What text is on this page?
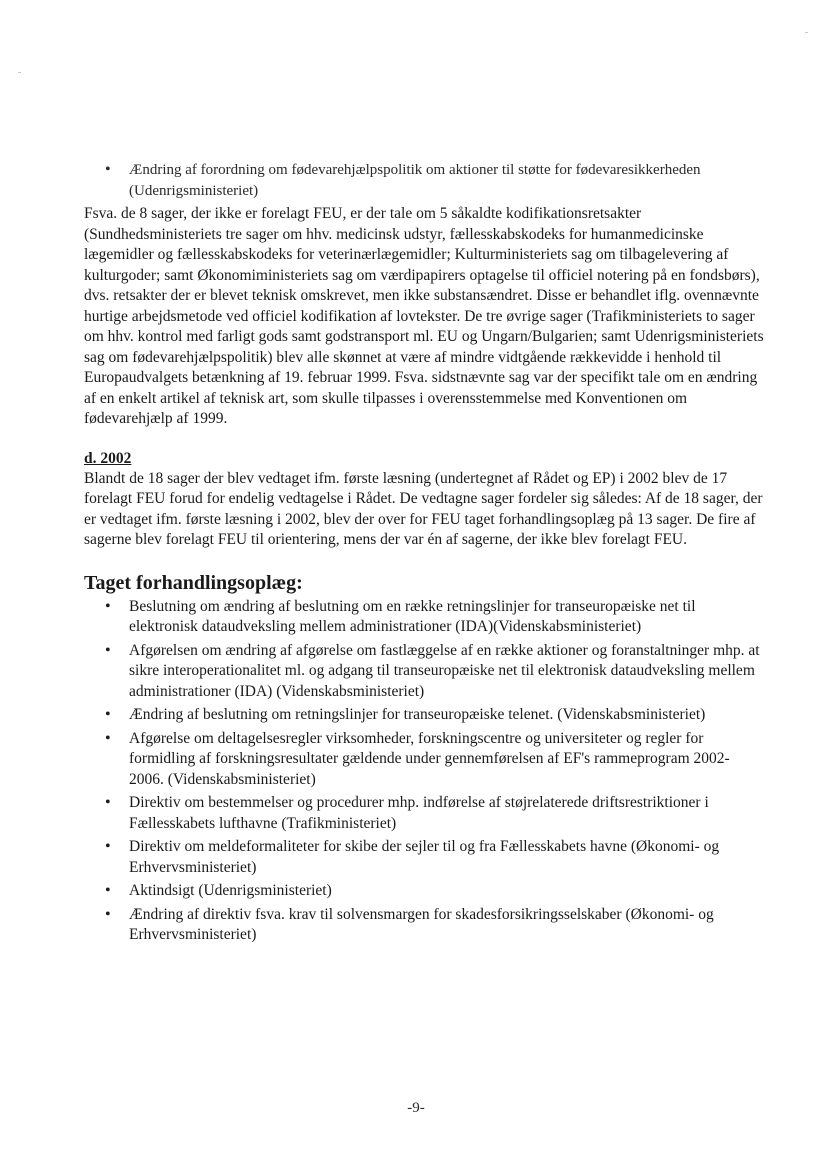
• Ændring af forordning om fødevarehjælpspolitik om aktioner til støtte for fødevaresikkerheden (Udenrigsministeriet)

Fsva. de 8 sager, der ikke er forelagt FEU, er der tale om 5 såkaldte kodifikationsretsakter (Sundhedsministeriets tre sager om hhv. medicinsk udstyr, fællesskabskodeks for humanmedicinske lægemidler og fællesskabskodeks for veterinærlægemidler; Kulturministeriets sag om tilbagelevering af kulturgoder; samt Økonomiministeriets sag om værdipapirers optagelse til officiel notering på en fondsbørs), dvs. retsakter der er blevet teknisk omskrevet, men ikke substansændret. Disse er behandlet iflg. ovennævnte hurtige arbejdsmetode ved officiel kodifikation af lovtekster. De tre øvrige sager (Trafikministeriets to sager om hhv. kontrol med farligt gods samt godstransport ml. EU og Ungarn/Bulgarien; samt Udenrigsministeriets sag om fødevarehjælpspolitik) blev alle skønnet at være af mindre vidtgående rækkevidde i henhold til Europaudvalgets betænkning af 19. februar 1999. Fsva. sidstnævnte sag var der specifikt tale om en ændring af en enkelt artikel af teknisk art, som skulle tilpasses i overensstemmelse med Konventionen om fødevarehjælp af 1999.

d. 2002

Blandt de 18 sager der blev vedtaget ifm. første læsning (undertegnet af Rådet og EP) i 2002 blev de 17 forelagt FEU forud for endelig vedtagelse i Rådet. De vedtagne sager fordeler sig således: Af de 18 sager, der er vedtaget ifm. første læsning i 2002, blev der over for FEU taget forhandlingsoplæg på 13 sager. De fire af sagerne blev forelagt FEU til orientering, mens der var én af sagerne, der ikke blev forelagt FEU.

Taget forhandlingsoplæg:
• Beslutning om ændring af beslutning om en række retningslinjer for transeuropæiske net til elektronisk dataudveksling mellem administrationer (IDA)(Videnskabsministeriet)
• Afgørelsen om ændring af afgørelse om fastlæggelse af en række aktioner og foranstaltninger mhp. at sikre interoperationalitet ml. og adgang til transeuropæiske net til elektronisk dataudveksling mellem administrationer (IDA) (Videnskabsministeriet)
• Ændring af beslutning om retningslinjer for transeuropæiske telenet. (Videnskabsministeriet)
• Afgørelse om deltagelsesregler virksomheder, forskningscentre og universiteter og regler for formidling af forskningsresultater gældende under gennemførelsen af EF's rammeprogram 2002-2006. (Videnskabsministeriet)
• Direktiv om bestemmelser og procedurer mhp. indførelse af støjrelaterede driftsrestriktioner i Fællesskabets lufthavne (Trafikministeriet)
• Direktiv om meldeformaliteter for skibe der sejler til og fra Fællesskabets havne (Økonomi- og Erhvervsministeriet)
• Aktindsigt (Udenrigsministeriet)
• Ændring af direktiv fsva. krav til solvensmargen for skadesforsikringsselskaber (Økonomi- og Erhvervsministeriet)
-9-
